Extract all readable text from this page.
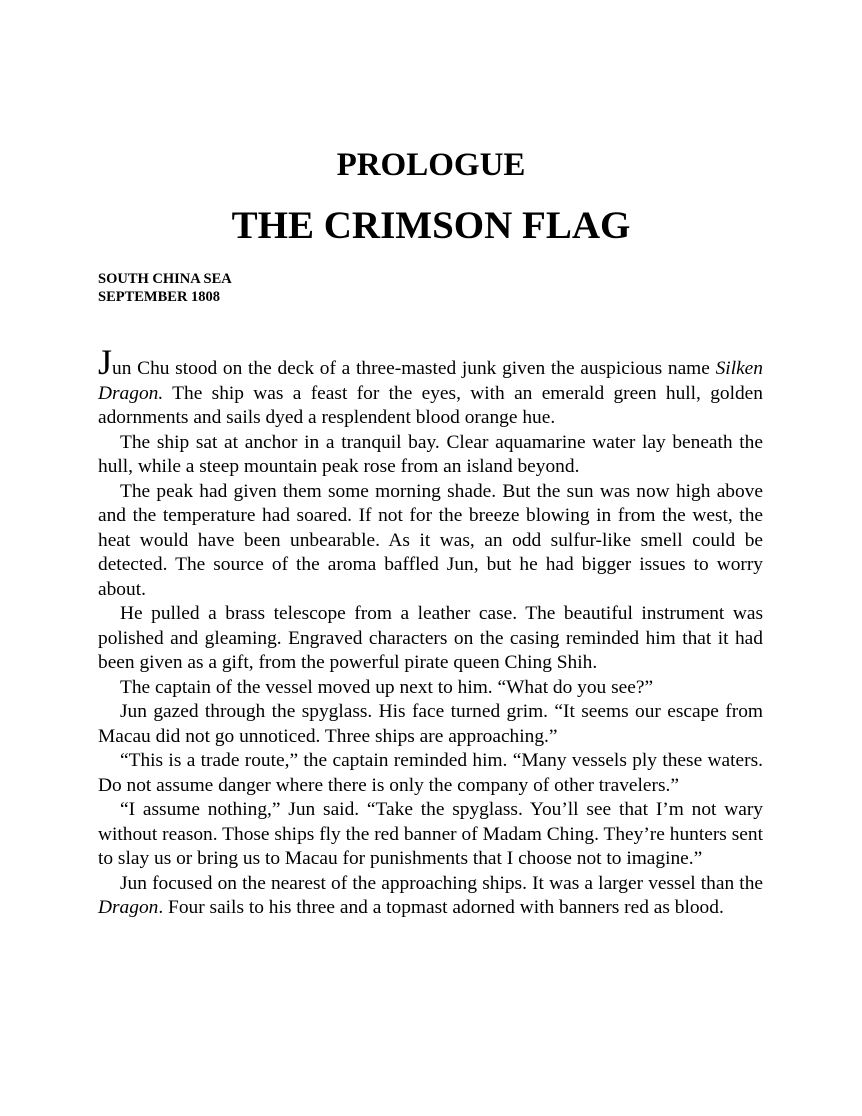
PROLOGUE
THE CRIMSON FLAG
SOUTH CHINA SEA
SEPTEMBER 1808

Jun Chu stood on the deck of a three-masted junk given the auspicious name Silken Dragon. The ship was a feast for the eyes, with an emerald green hull, golden adornments and sails dyed a resplendent blood orange hue.

The ship sat at anchor in a tranquil bay. Clear aquamarine water lay beneath the hull, while a steep mountain peak rose from an island beyond.

The peak had given them some morning shade. But the sun was now high above and the temperature had soared. If not for the breeze blowing in from the west, the heat would have been unbearable. As it was, an odd sulfur-like smell could be detected. The source of the aroma baffled Jun, but he had bigger issues to worry about.

He pulled a brass telescope from a leather case. The beautiful instrument was polished and gleaming. Engraved characters on the casing reminded him that it had been given as a gift, from the powerful pirate queen Ching Shih.

The captain of the vessel moved up next to him. “What do you see?”

Jun gazed through the spyglass. His face turned grim. “It seems our escape from Macau did not go unnoticed. Three ships are approaching.”

“This is a trade route,” the captain reminded him. “Many vessels ply these waters. Do not assume danger where there is only the company of other travelers.”

“I assume nothing,” Jun said. “Take the spyglass. You’ll see that I’m not wary without reason. Those ships fly the red banner of Madam Ching. They’re hunters sent to slay us or bring us to Macau for punishments that I choose not to imagine.”

Jun focused on the nearest of the approaching ships. It was a larger vessel than the Dragon. Four sails to his three and a topmast adorned with banners red as blood.
